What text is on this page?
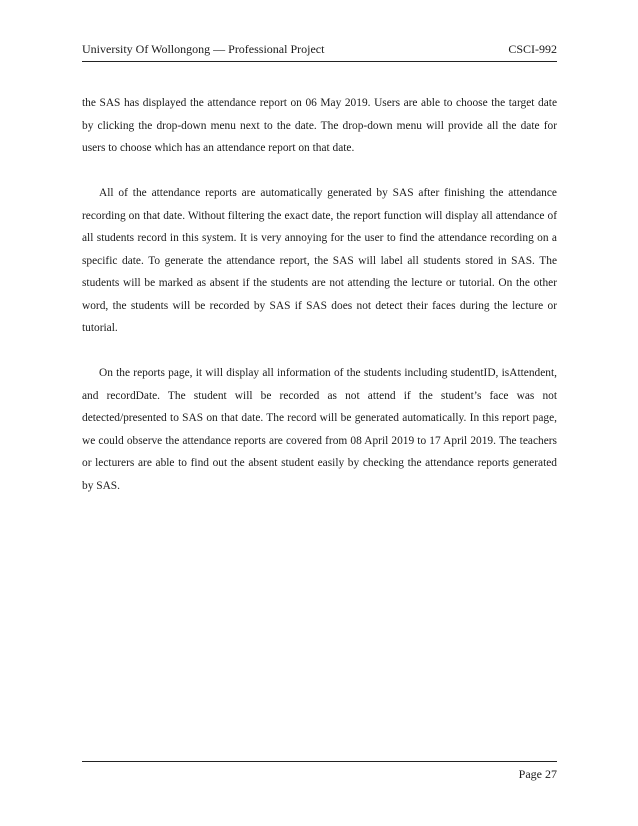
University Of Wollongong — Professional Project	CSCI-992

the SAS has displayed the attendance report on 06 May 2019. Users are able to choose the target date by clicking the drop-down menu next to the date. The drop-down menu will provide all the date for users to choose which has an attendance report on that date.

All of the attendance reports are automatically generated by SAS after finishing the attendance recording on that date. Without filtering the exact date, the report function will display all attendance of all students record in this system. It is very annoying for the user to find the attendance recording on a specific date. To generate the attendance report, the SAS will label all students stored in SAS. The students will be marked as absent if the students are not attending the lecture or tutorial. On the other word, the students will be recorded by SAS if SAS does not detect their faces during the lecture or tutorial.

On the reports page, it will display all information of the students including studentID, isAttendent, and recordDate. The student will be recorded as not attend if the student’s face was not detected/presented to SAS on that date. The record will be generated automatically. In this report page, we could observe the attendance reports are covered from 08 April 2019 to 17 April 2019. The teachers or lecturers are able to find out the absent student easily by checking the attendance reports generated by SAS.

Page 27
